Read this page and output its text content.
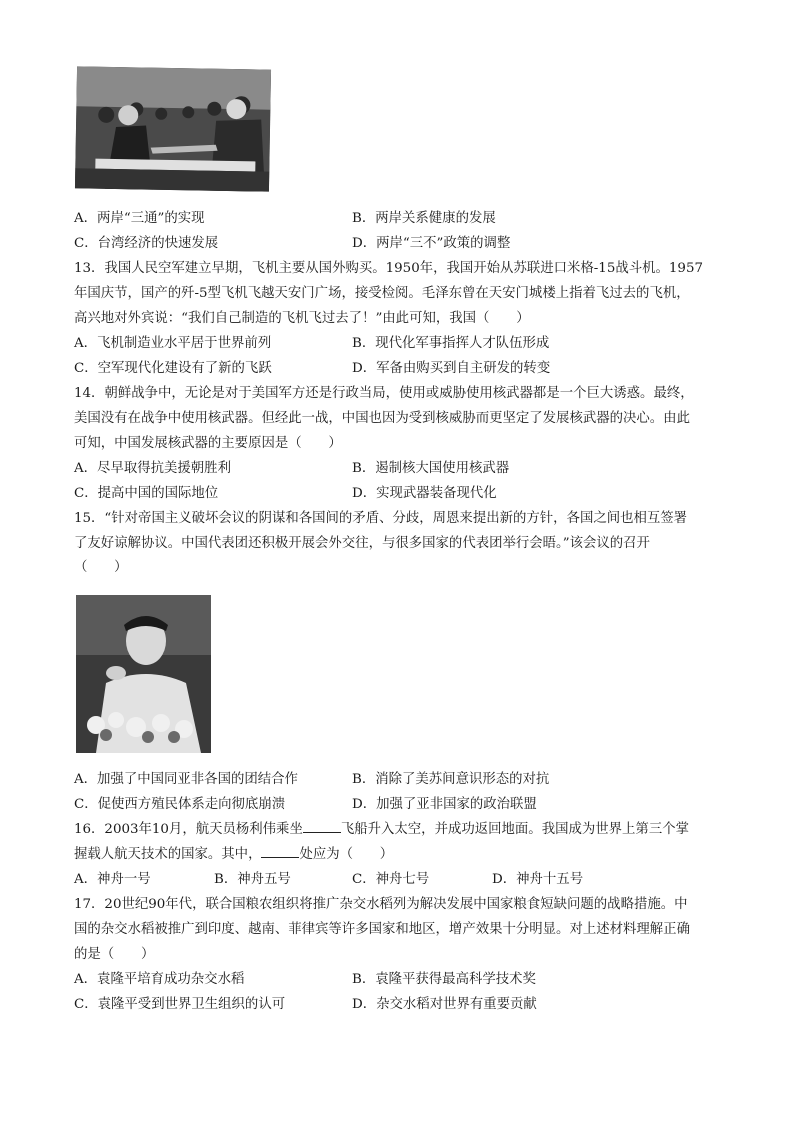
A．两岸“三通”的实现	B．两岸关系健康的发展
C．台湾经济的快速发展	D．两岸“三不”政策的调整
13．我国人民空军建立早期，飞机主要从国外购买。1950年，我国开始从苏联进口米格-15战斗机。1957
年国庆节，国产的歼-5型飞机飞越天安门广场，接受检阅。毛泽东曾在天安门城楼上指着飞过去的飞机，
高兴地对外宾说：“我们自己制造的飞机飞过去了！”由此可知，我国（　　）
A．飞机制造业水平居于世界前列	B．现代化军事指挥人才队伍形成
C．空军现代化建设有了新的飞跃	D．军备由购买到自主研发的转变
14．朝鲜战争中，无论是对于美国军方还是行政当局，使用或威胁使用核武器都是一个巨大诱惑。最终，
美国没有在战争中使用核武器。但经此一战，中国也因为受到核威胁而更坚定了发展核武器的决心。由此
可知，中国发展核武器的主要原因是（　　）
A．尽早取得抗美援朝胜利	B．遏制核大国使用核武器
C．提高中国的国际地位	D．实现武器装备现代化
15．“针对帝国主义破坏会议的阴谋和各国间的矛盾、分歧，周恩来提出新的方针，各国之间也相互签署
了友好谅解协议。中国代表团还积极开展会外交往，与很多国家的代表团举行会晤。”该会议的召开
（　　）
A．加强了中国同亚非各国的团结合作	B．消除了美苏间意识形态的对抗
C．促使西方殖民体系走向彻底崩溃	D．加强了亚非国家的政治联盟
16．2003年10月，航天员杨利伟乘坐	飞船升入太空，并成功返回地面。我国成为世界上第三个掌
握载人航天技术的国家。其中，	处应为（　　）
A．神舟一号	B．神舟五号	C．神舟七号	D．神舟十五号
17．20世纪90年代，联合国粮农组织将推广杂交水稻列为解决发展中国家粮食短缺问题的战略措施。中
国的杂交水稻被推广到印度、越南、菲律宾等许多国家和地区，增产效果十分明显。对上述材料理解正确
的是（　　）
A．袁隆平培育成功杂交水稻	B．袁隆平获得最高科学技术奖
C．袁隆平受到世界卫生组织的认可	D．杂交水稻对世界有重要贡献
